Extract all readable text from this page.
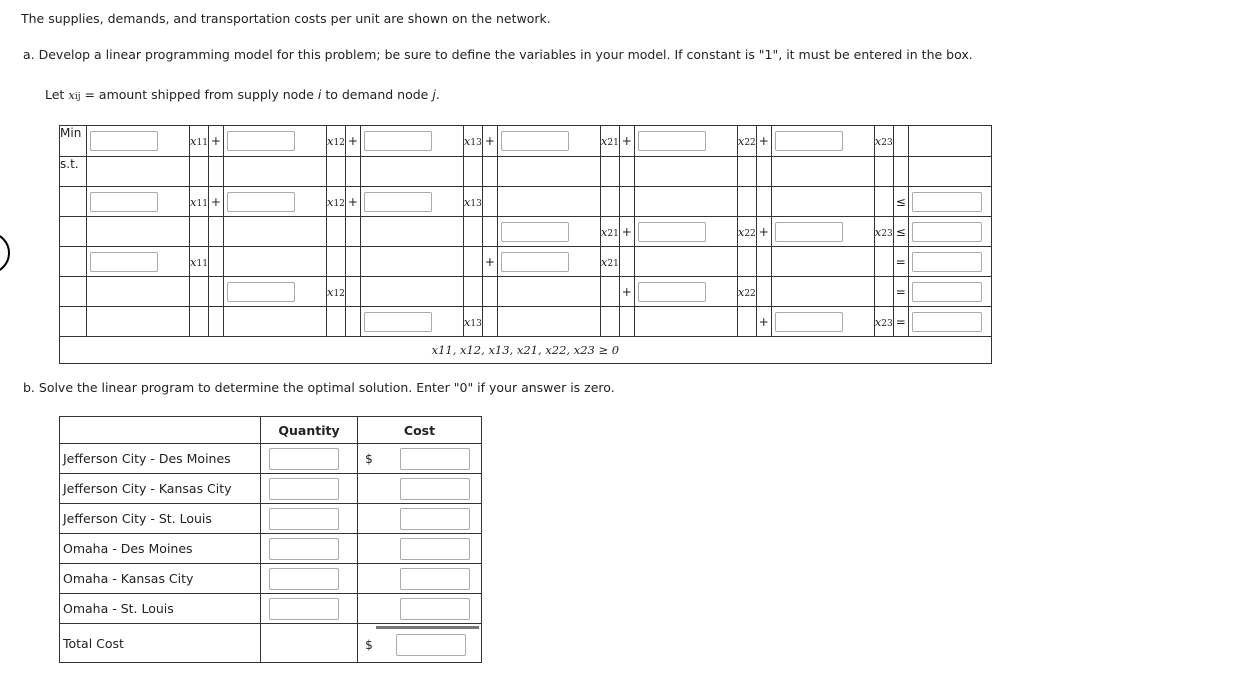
The supplies, demands, and transportation costs per unit are shown on the network.
a. Develop a linear programming model for this problem; be sure to define the variables in your model. If constant is "1", it must be entered in the box.
Let xij = amount shipped from supply node i to demand node j.
Min		x11	+		x12	+		x13	+		x21	+		x22	+		x23		
s.t.																			

	x11	+		x12	+		x13										≤	

	x21	+		x22	+		x23	≤	

	x11							+		x21							=	

	x12							+		x22				=	

	x13							+		x23	=	

x11, x12, x13, x21, x22, x23 ≥ 0																			
b. Solve the linear program to determine the optimal solution. Enter "0" if your answer is zero.
	Quantity	Cost
Jefferson City - Des Moines		$

Jefferson City - Kansas City	

Jefferson City - St. Louis	

Omaha - Des Moines	

Omaha - Kansas City	

Omaha - St. Louis	

Total Cost		$
